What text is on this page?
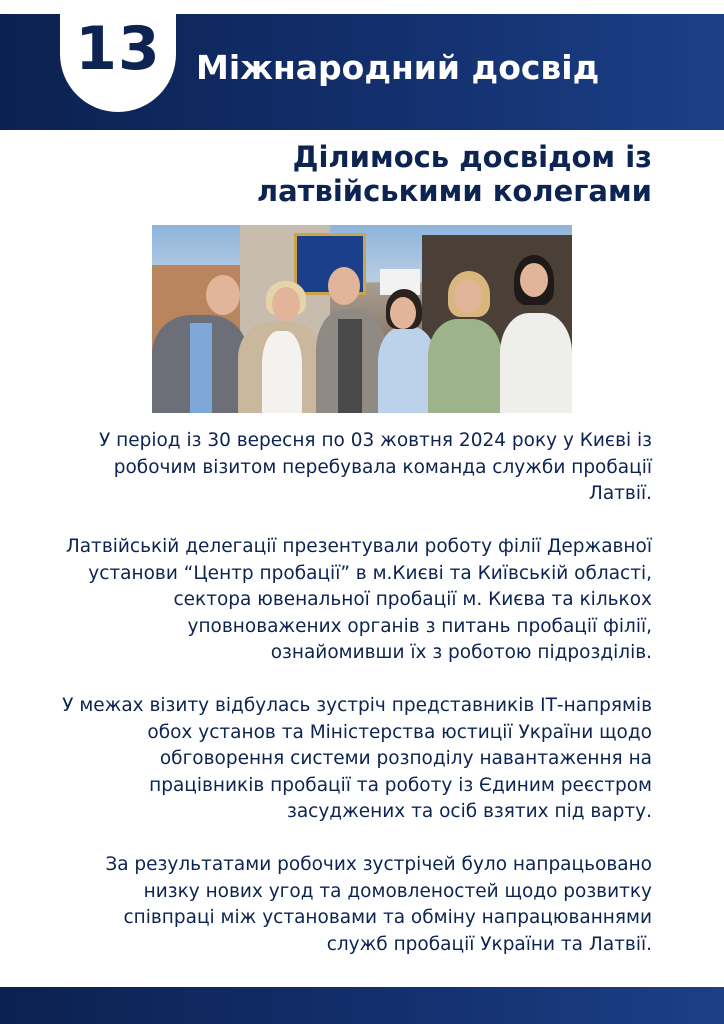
13 Міжнародний досвід
Ділимось досвідом із
латвійськими колегами

У період із 30 вересня по 03 жовтня 2024 року у Києві із
робочим візитом перебувала команда служби пробації
Латвії.

Латвійській делегації презентували роботу філії Державної
установи “Центр пробації” в м.Києві та Київській області,
сектора ювенальної пробації м. Києва та кількох
уповноважених органів з питань пробації філії,
ознайомивши їх з роботою підрозділів.

У межах візиту відбулась зустріч представників ІТ-напрямів
обох установ та Міністерства юстиції України щодо
обговорення системи розподілу навантаження на
працівників пробації та роботу із Єдиним реєстром
засуджених та осіб взятих під варту.

За результатами робочих зустрічей було напрацьовано
низку нових угод та домовленостей щодо розвитку
співпраці між установами та обміну напрацюваннями
служб пробації України та Латвії.
